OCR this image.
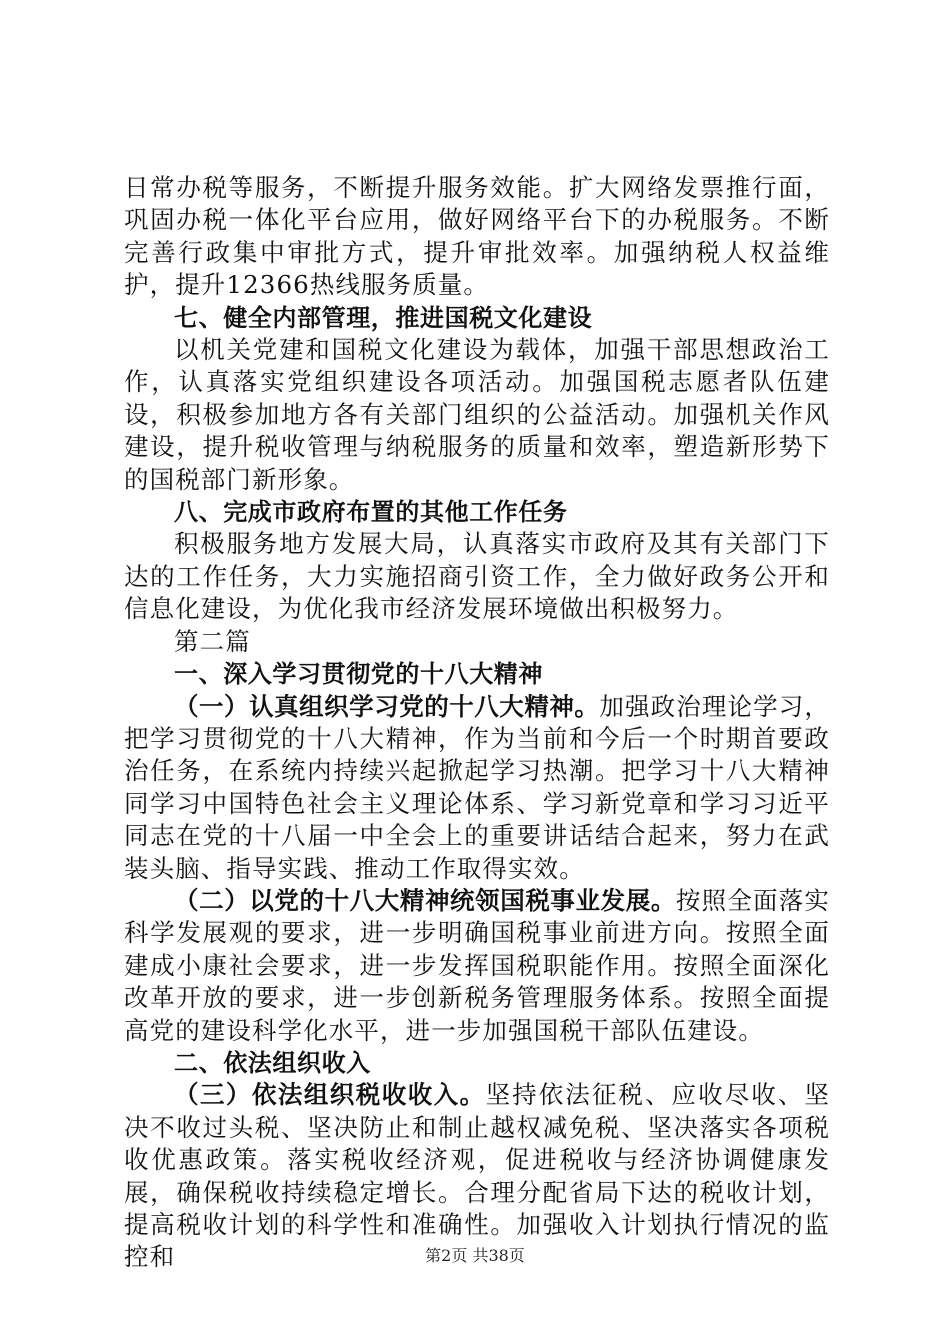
日常办税等服务，不断提升服务效能。扩大网络发票推行面，巩固办税一体化平台应用，做好网络平台下的办税服务。不断完善行政集中审批方式，提升审批效率。加强纳税人权益维护，提升12366热线服务质量。

七、健全内部管理，推进国税文化建设

以机关党建和国税文化建设为载体，加强干部思想政治工作，认真落实党组织建设各项活动。加强国税志愿者队伍建设，积极参加地方各有关部门组织的公益活动。加强机关作风建设，提升税收管理与纳税服务的质量和效率，塑造新形势下的国税部门新形象。

八、完成市政府布置的其他工作任务

积极服务地方发展大局，认真落实市政府及其有关部门下达的工作任务，大力实施招商引资工作，全力做好政务公开和信息化建设，为优化我市经济发展环境做出积极努力。

第二篇

一、深入学习贯彻党的十八大精神

（一）认真组织学习党的十八大精神。加强政治理论学习，把学习贯彻党的十八大精神，作为当前和今后一个时期首要政治任务，在系统内持续兴起掀起学习热潮。把学习十八大精神同学习中国特色社会主义理论体系、学习新党章和学习习近平同志在党的十八届一中全会上的重要讲话结合起来，努力在武装头脑、指导实践、推动工作取得实效。

（二）以党的十八大精神统领国税事业发展。按照全面落实科学发展观的要求，进一步明确国税事业前进方向。按照全面建成小康社会要求，进一步发挥国税职能作用。按照全面深化改革开放的要求，进一步创新税务管理服务体系。按照全面提高党的建设科学化水平，进一步加强国税干部队伍建设。

二、依法组织收入

（三）依法组织税收收入。坚持依法征税、应收尽收、坚决不收过头税、坚决防止和制止越权减免税、坚决落实各项税收优惠政策。落实税收经济观，促进税收与经济协调健康发展，确保税收持续稳定增长。合理分配省局下达的税收计划，提高税收计划的科学性和准确性。加强收入计划执行情况的监控和	第2页 共38页
